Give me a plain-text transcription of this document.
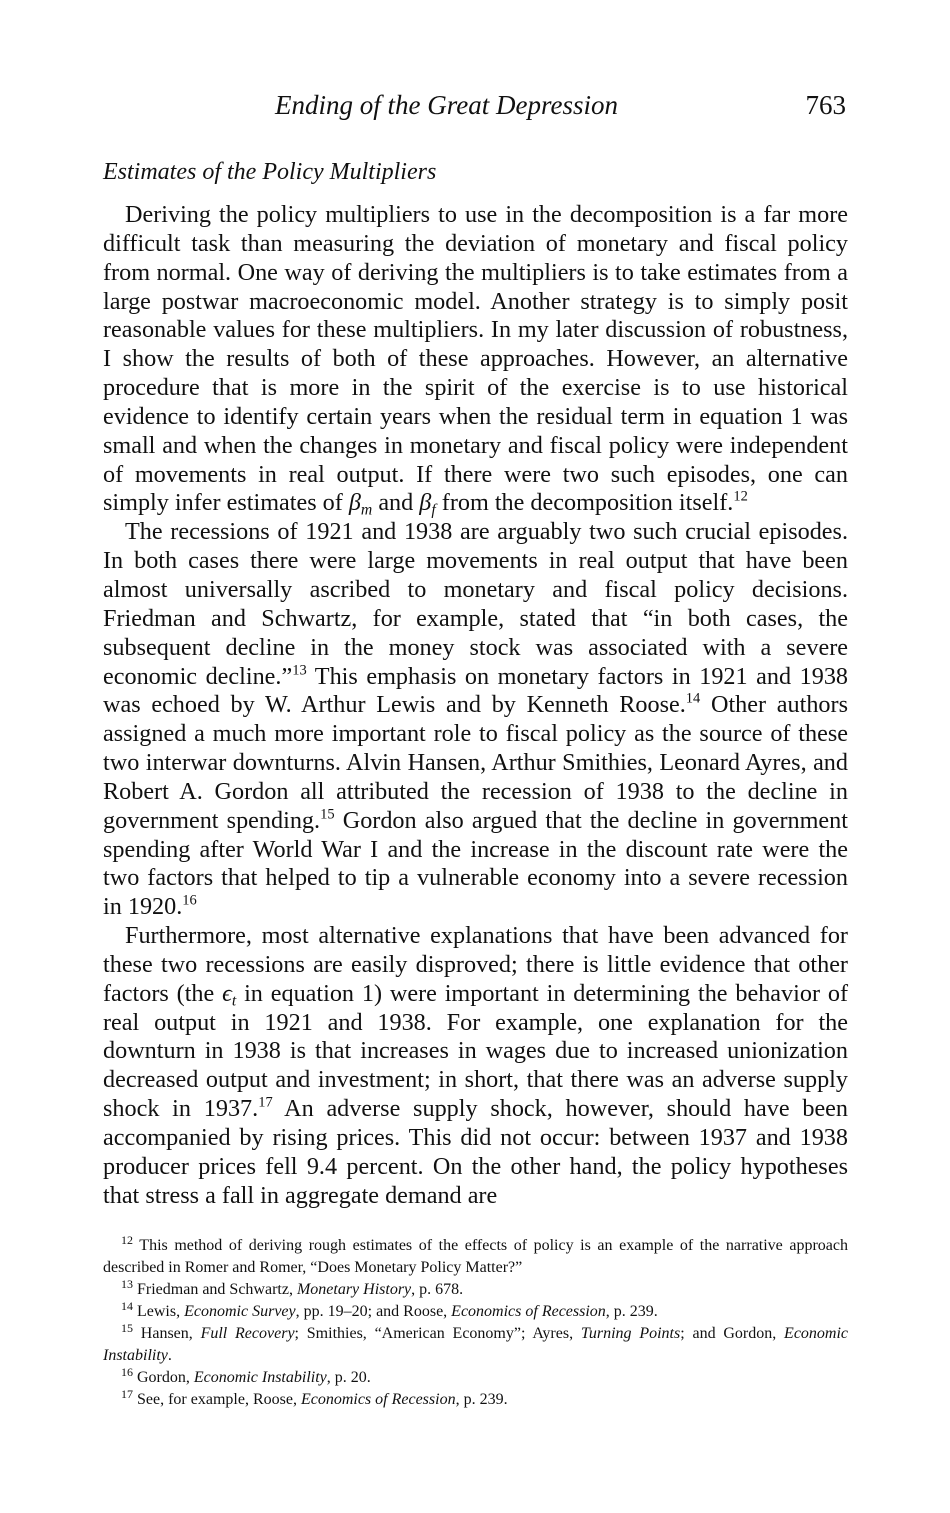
Ending of the Great Depression	763
Estimates of the Policy Multipliers

Deriving the policy multipliers to use in the decomposition is a far more difficult task than measuring the deviation of monetary and fiscal policy from normal. One way of deriving the multipliers is to take estimates from a large postwar macroeconomic model. Another strategy is to simply posit reasonable values for these multipliers. In my later discussion of robustness, I show the results of both of these approaches. However, an alternative procedure that is more in the spirit of the exercise is to use historical evidence to identify certain years when the residual term in equation 1 was small and when the changes in monetary and fiscal policy were independent of movements in real output. If there were two such episodes, one can simply infer estimates of $\beta_m$ and $\beta_f$ from the decomposition itself.$^{12}$

The recessions of 1921 and 1938 are arguably two such crucial episodes. In both cases there were large movements in real output that have been almost universally ascribed to monetary and fiscal policy decisions. Friedman and Schwartz, for example, stated that “in both cases, the subsequent decline in the money stock was associated with a severe economic decline.”$^{13}$ This emphasis on monetary factors in 1921 and 1938 was echoed by W. Arthur Lewis and by Kenneth Roose.$^{14}$ Other authors assigned a much more important role to fiscal policy as the source of these two interwar downturns. Alvin Hansen, Arthur Smithies, Leonard Ayres, and Robert A. Gordon all attributed the recession of 1938 to the decline in government spending.$^{15}$ Gordon also argued that the decline in government spending after World War I and the increase in the discount rate were the two factors that helped to tip a vulnerable economy into a severe recession in 1920.16

Furthermore, most alternative explanations that have been advanced for these two recessions are easily disproved; there is little evidence that other factors (the $\epsilon_t$ in equation 1) were important in determining the behavior of real output in 1921 and 1938. For example, one explanation for the downturn in 1938 is that increases in wages due to increased unionization decreased output and investment; in short, that there was an adverse supply shock in 1937.17 An adverse supply shock, however, should have been accompanied by rising prices. This did not occur: between 1937 and 1938 producer prices fell 9.4 percent. On the other hand, the policy hypotheses that stress a fall in aggregate demand are

$^{12}$ This method of deriving rough estimates of the effects of policy is an example of the narrative approach described in Romer and Romer, “Does Monetary Policy Matter?”

$^{13}$ Friedman and Schwartz, Monetary History, p. 678.

$^{14}$ Lewis, Economic Survey, pp. 19–20; and Roose, Economics of Recession, p. 239.

$^{15}$ Hansen, Full Recovery; Smithies, “American Economy”; Ayres, Turning Points; and Gordon, Economic Instability.

$^{16}$ Gordon, Economic Instability, p. 20.

$^{17}$ See, for example, Roose, Economics of Recession, p. 239.
